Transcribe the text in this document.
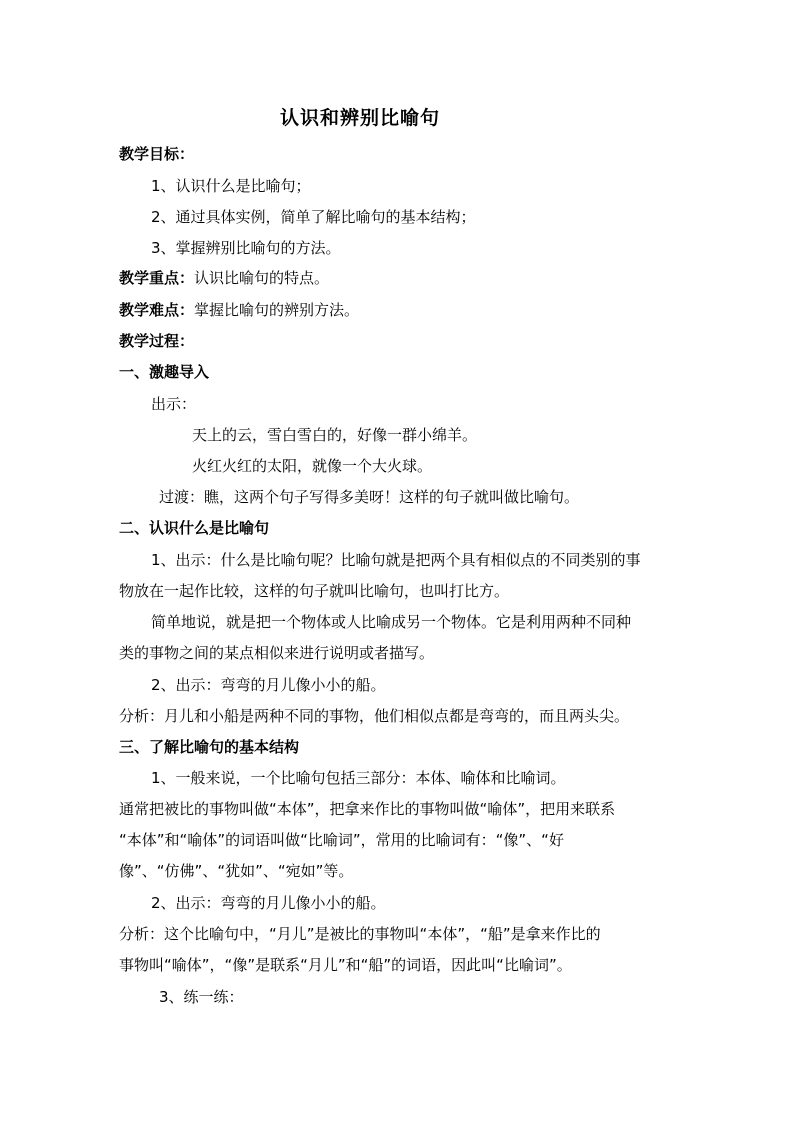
认识和辨别比喻句
教学目标：
1、认识什么是比喻句；
2、通过具体实例，简单了解比喻句的基本结构；
3、掌握辨别比喻句的方法。
教学重点：认识比喻句的特点。
教学难点：掌握比喻句的辨别方法。
教学过程：
一、激趣导入
出示：
天上的云，雪白雪白的，好像一群小绵羊。
火红火红的太阳，就像一个大火球。
过渡：瞧，这两个句子写得多美呀！这样的句子就叫做比喻句。
二、认识什么是比喻句
1、出示：什么是比喻句呢？比喻句就是把两个具有相似点的不同类别的事
物放在一起作比较，这样的句子就叫比喻句，也叫打比方。
简单地说，就是把一个物体或人比喻成另一个物体。它是利用两种不同种
类的事物之间的某点相似来进行说明或者描写。
2、出示：弯弯的月儿像小小的船。
分析：月儿和小船是两种不同的事物，他们相似点都是弯弯的，而且两头尖。
三、了解比喻句的基本结构
1、一般来说，一个比喻句包括三部分：本体、喻体和比喻词。
通常把被比的事物叫做“本体”，把拿来作比的事物叫做“喻体”，把用来联系
“本体”和“喻体”的词语叫做“比喻词”，常用的比喻词有：“像”、“好
像”、“仿佛”、“犹如”、“宛如”等。
2、出示：弯弯的月儿像小小的船。
分析：这个比喻句中，“月儿”是被比的事物叫“本体”，“船”是拿来作比的
事物叫“喻体”，“像”是联系“月儿”和“船”的词语，因此叫“比喻词”。
3、练一练：
